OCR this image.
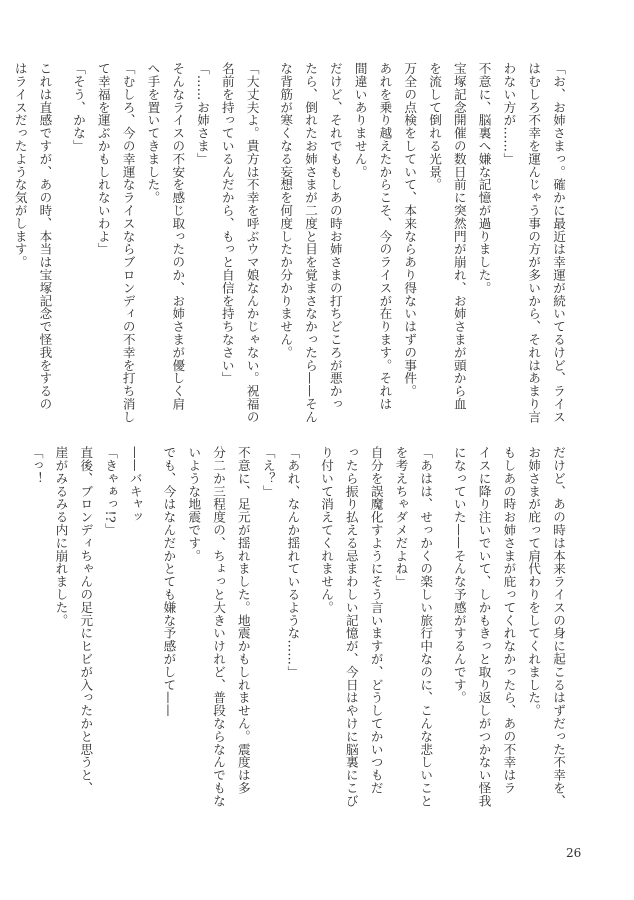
「お、お姉さまっ。確かに最近は幸運が続いてるけど、ライス
はむしろ不幸を運んじゃう事の方が多いから、それはあまり言
わない方が……」
不意に、脳裏へ嫌な記憶が過りました。
宝塚記念開催の数日前に突然門が崩れ、お姉さまが頭から血
を流して倒れる光景。
万全の点検をしていて、本来ならあり得ないはずの事件。
あれを乗り越えたからこそ、今のライスが在ります。それは
間違いありません。
だけど、それでももしあの時お姉さまの打ちどころが悪かっ
たら、倒れたお姉さまが二度と目を覚まさなかったら——そん
な背筋が寒くなる妄想を何度したか分かりません。
「大丈夫よ。貴方は不幸を呼ぶウマ娘なんかじゃない。祝福の
名前を持っているんだから、もっと自信を持ちなさい」
「……お姉さま」
そんなライスの不安を感じ取ったのか、お姉さまが優しく肩
へ手を置いてきました。
「むしろ、今の幸運なライスならブロンディの不幸を打ち消し
て幸福を運ぶかもしれないわよ」
「そう、かな」
これは直感ですが、あの時、本当は宝塚記念で怪我をするの
はライスだったような気がします。
だけど、あの時は本来ライスの身に起こるはずだった不幸を、
お姉さまが庇って肩代わりをしてくれました。
もしあの時お姉さまが庇ってくれなかったら、あの不幸はラ
イスに降り注いでいて、しかもきっと取り返しがつかない怪我
になっていた——そんな予感がするんです。
「あはは、せっかくの楽しい旅行中なのに、こんな悲しいこと
を考えちゃダメだよね」
自分を誤魔化すようにそう言いますが、どうしてかいつもだ
ったら振り払える忌まわしい記憶が、今日はやけに脳裏にこび
り付いて消えてくれません。
「あれ、なんか揺れているような……」
「え？」
不意に、足元が揺れました。地震かもしれません。震度は多
分二か三程度の、ちょっと大きいけれど、普段ならなんでもな
いような地震です。
でも、今はなんだかとても嫌な予感がして——
——バキャッ
「きゃぁっ!?」
直後、ブロンディちゃんの足元にヒビが入ったかと思うと、
崖がみるみる内に崩れました。
「っ！
26
